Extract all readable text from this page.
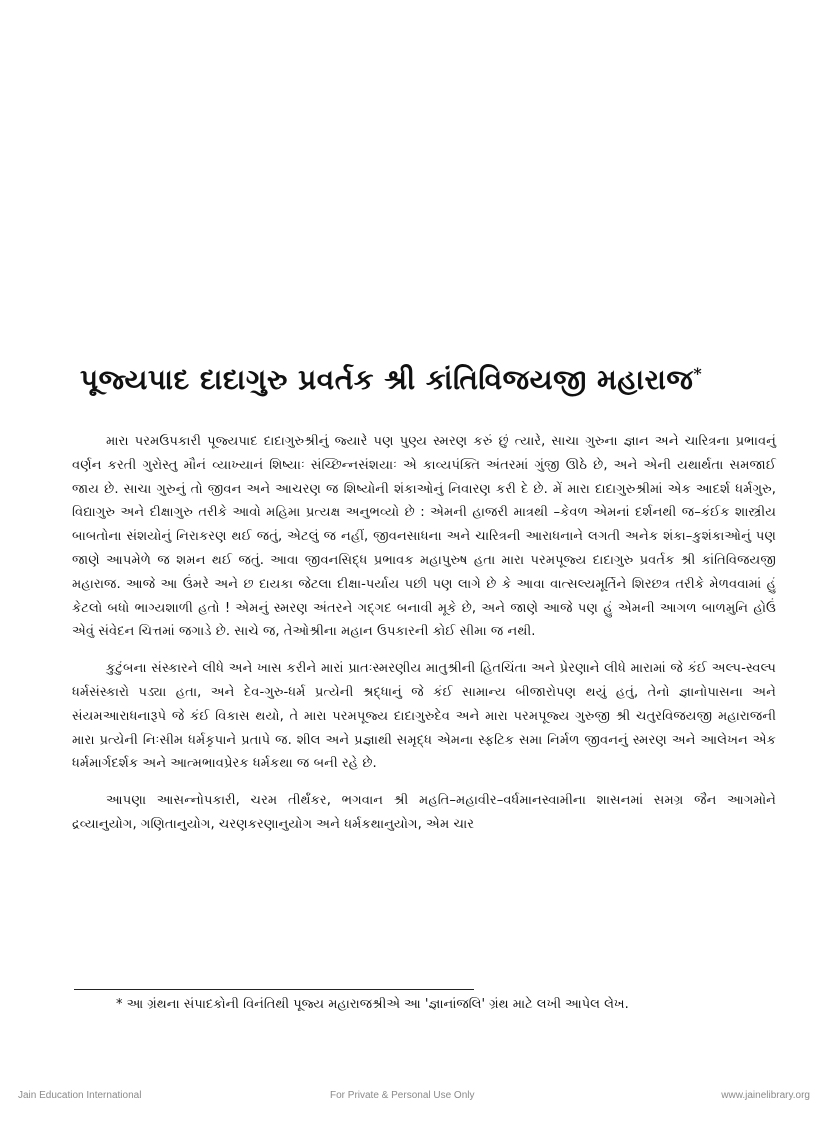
પૂજ્યપાદ દાદાગુરુ પ્રવર્તક શ્રી કાંતિવિજયજી મહારાજ*

મારા પરમઉપકારી પૂજ્યપાદ દાદાગુરુશ્રીનું જ્યારે પણ પુણ્ય સ્મરણ કરું છું ત્યારે, સાચા ગુરુના જ્ઞાન અને ચારિત્રના પ્રભાવનું વર્ણન કરતી ગુરોસ્તુ મૌનં વ્યાખ્યાનં શિષ્યાઃ સંચ્છિન્નસંશયાઃ એ કાવ્યપંક્તિ અંતરમાં ગુંજી ઊઠે છે, અને એની યથાર્થતા સમજાઈ જાય છે. સાચા ગુરુનું તો જીવન અને આચરણ જ શિષ્યોની શંકાઓનું નિવારણ કરી દે છે. મેં મારા દાદાગુરુશ્રીમાં એક આદર્શ ધર્મગુરુ, વિદ્યાગુરુ અને દીક્ષાગુરુ તરીકે આવો મહિમા પ્રત્યક્ષ અનુભવ્યો છે : એમની હાજરી માત્રથી –કેવળ એમનાં દર્શનથી જ–કંઈક શાસ્ત્રીય બાબતોના સંશયોનું નિરાકરણ થઈ જતું, એટલું જ નહીં, જીવનસાધના અને ચારિત્રની આરાધનાને લગતી અનેક શંકા–કુશંકાઓનું પણ જાણે આપમેળે જ શમન થઈ જતું. આવા જીવનસિદ્ધ પ્રભાવક મહાપુરુષ હતા મારા પરમપૂજ્ય દાદાગુરુ પ્રવર્તક શ્રી કાંતિવિજયજી મહારાજ. આજે આ ઉંમરે અને છ દાયકા જેટલા દીક્ષા-પર્યાય પછી પણ લાગે છે કે આવા વાત્સલ્યમૂર્તિને શિરછત્ર તરીકે મેળવવામાં હું કેટલો બધો ભાગ્યશાળી હતો ! એમનું સ્મરણ અંતરને ગદ્ગદ બનાવી મૂકે છે, અને જાણે આજે પણ હું એમની આગળ બાળમુનિ હોઉં એવું સંવેદન ચિત્તમાં જગાડે છે. સાચે જ, તેઓશ્રીના મહાન ઉપકારની કોઈ સીમા જ નથી.

કુટુંબના સંસ્કારને લીધે અને ખાસ કરીને મારાં પ્રાતઃસ્મરણીય માતુશ્રીની હિતચિંતા અને પ્રેરણાને લીધે મારામાં જે કંઈ અલ્પ-સ્વલ્પ ધર્મસંસ્કારો પડ્યા હતા, અને દેવ-ગુરુ-ધર્મ પ્રત્યેની શ્રદ્ધાનું જે કંઈ સામાન્ય બીજારોપણ થયું હતું, તેનો જ્ઞાનોપાસના અને સંયમઆરાધનારૂપે જે કંઈ વિકાસ થયો, તે મારા પરમપૂજ્ય દાદાગુરુદેવ અને મારા પરમપૂજ્ય ગુરુજી શ્રી ચતુરવિજયજી મહારાજની મારા પ્રત્યેની નિઃસીમ ધર્મકૃપાને પ્રતાપે જ. શીલ અને પ્રજ્ઞાથી સમૃદ્ધ એમના સ્ફટિક સમા નિર્મળ જીવનનું સ્મરણ અને આલેખન એક ધર્મમાર્ગદર્શક અને આત્મભાવપ્રેરક ધર્મકથા જ બની રહે છે.

આપણા આસન્નોપકારી, ચરમ તીર્થંકર, ભગવાન શ્રી મહતિ–મહાવીર–વર્ધમાનસ્વામીના શાસનમાં સમગ્ર જૈન આગમોને દ્રવ્યાનુયોગ, ગણિતાનુયોગ, ચરણકરણાનુયોગ અને ધર્મકથાનુયોગ, એમ ચાર

* આ ગ્રંથના સંપાદકોની વિનંતિથી પૂજ્ય મહારાજશ્રીએ આ 'જ્ઞાનાંજલિ' ગ્રંથ માટે લખી આપેલ લેખ.
Jain Education International	For Private & Personal Use Only	www.jainelibrary.org
